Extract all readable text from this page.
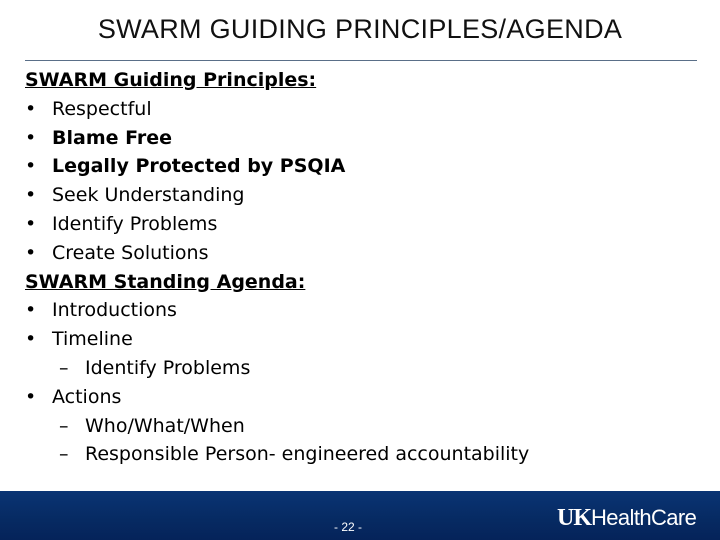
SWARM GUIDING PRINCIPLES/AGENDA
SWARM Guiding Principles:
• Respectful
• Blame Free
• Legally Protected by PSQIA
• Seek Understanding
• Identify Problems
• Create Solutions
SWARM Standing Agenda:
• Introductions
• Timeline
– Identify Problems
• Actions
– Who/What/When
– Responsible Person- engineered accountability
- 22 -	UKHealthCare
